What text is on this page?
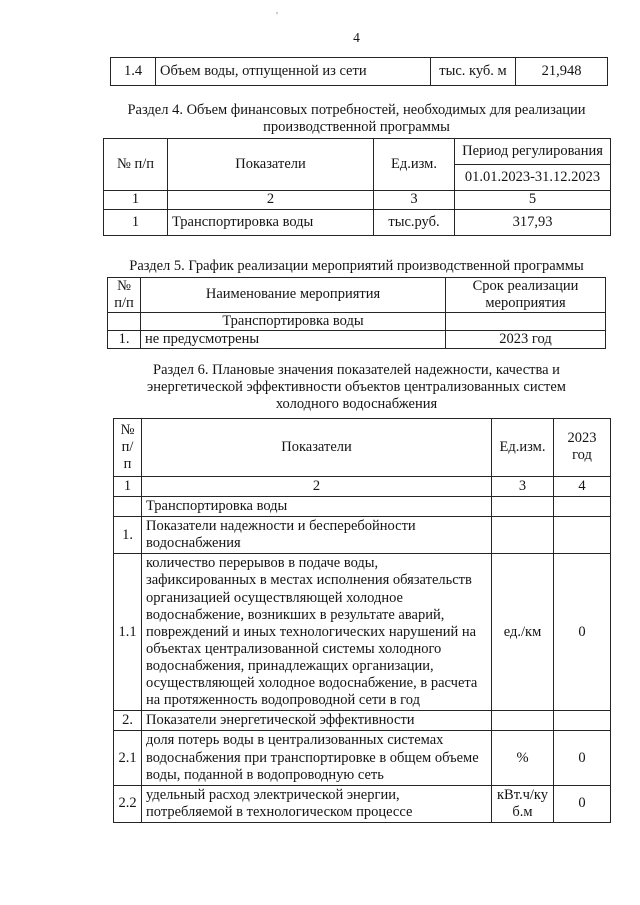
'
4
1.4	Объем воды, отпущенной из сети	тыс. куб. м	21,948
Раздел 4. Объем финансовых потребностей, необходимых для реализации
производственной программы
№ п/п	Показатели	Ед.изм.	Период регулирования
			01.01.2023-31.12.2023
1	2	3	5
1	Транспортировка воды	тыс.руб.	317,93
Раздел 5. График реализации мероприятий производственной программы
№ п/п	Наименование мероприятия	Срок реализации мероприятия
	Транспортировка воды	
1.	не предусмотрены	2023 год
Раздел 6. Плановые значения показателей надежности, качества и
энергетической эффективности объектов централизованных систем
холодного водоснабжения
№ п/п	Показатели	Ед.изм.	2023 год
1	2	3	4
	Транспортировка воды		
1.	Показатели надежности и бесперебойности водоснабжения		
1.1	количество перерывов в подаче воды, зафиксированных в местах исполнения обязательств организацией осуществляющей холодное водоснабжение, возникших в результате аварий, повреждений и иных технологических нарушений на объектах централизованной системы холодного водоснабжения, принадлежащих организации, осуществляющей холодное водоснабжение, в расчета на протяженность водопроводной сети в год	ед./км	0
2.	Показатели энергетической эффективности		
2.1	доля потерь воды в централизованных системах водоснабжения при транспортировке в общем объеме воды, поданной в водопроводную сеть	%	0
2.2	удельный расход электрической энергии, потребляемой в технологическом процессе	кВт.ч/куб.м	0
